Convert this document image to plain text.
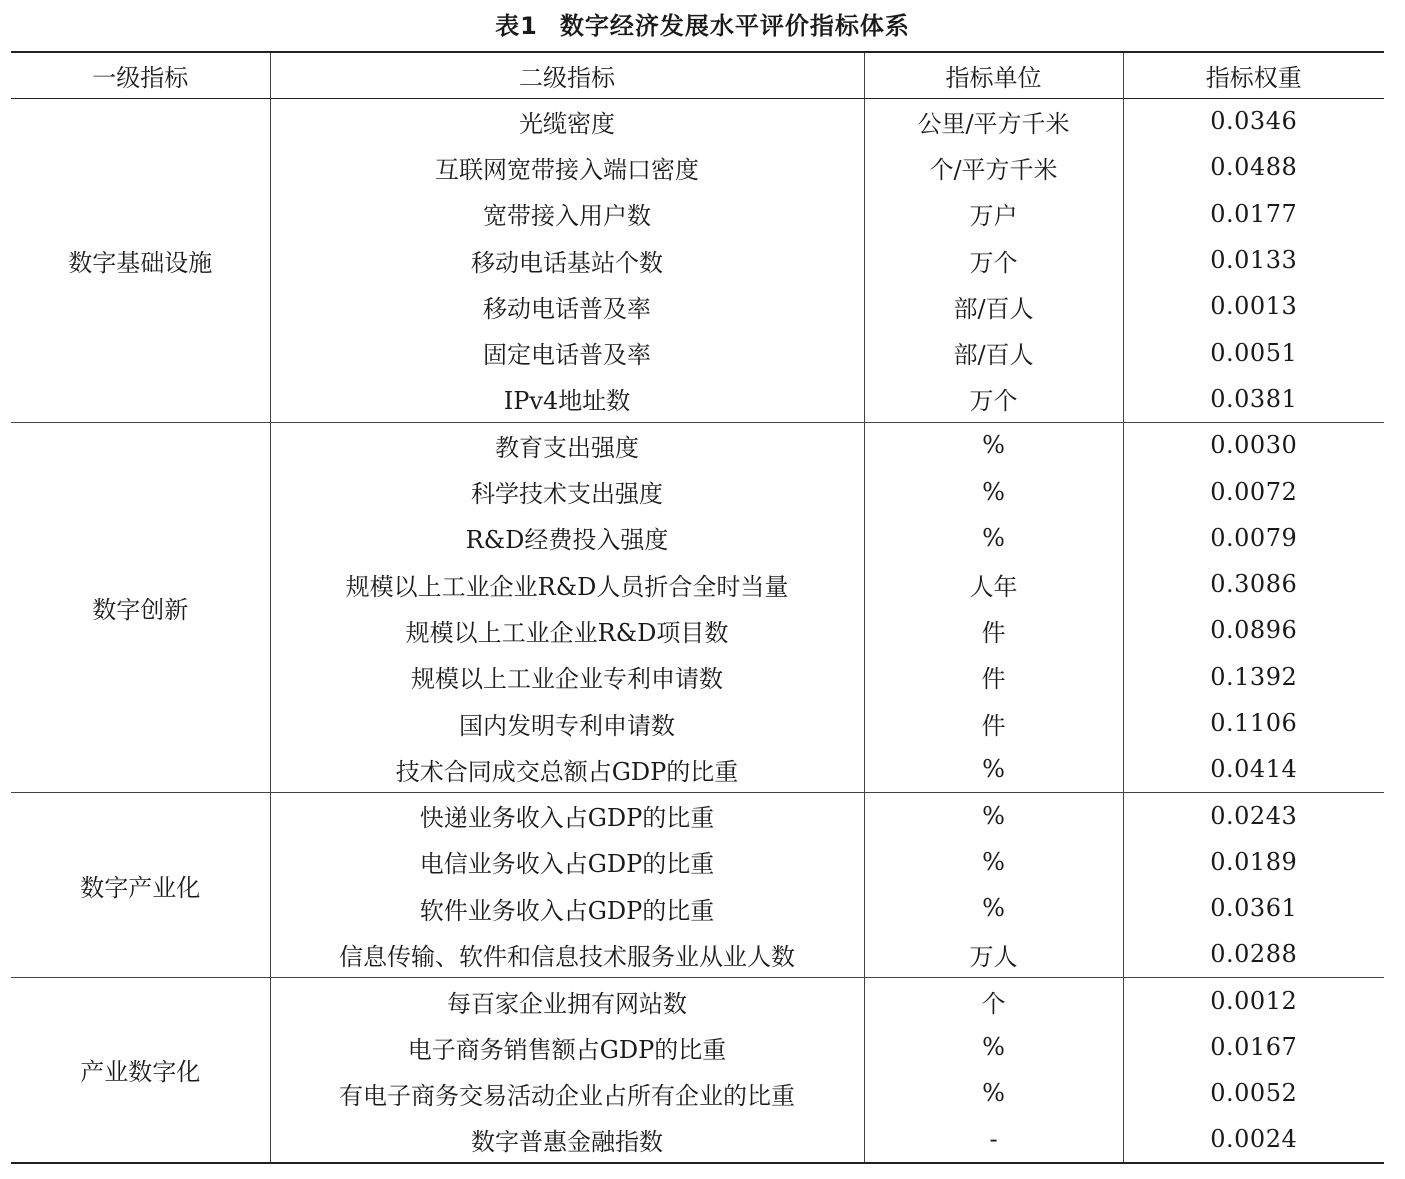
表1 数字经济发展水平评价指标体系
一级指标	二级指标	指标单位	指标权重
数字基础设施	光缆密度	公里/平方千米	0.0346
	互联网宽带接入端口密度	个/平方千米	0.0488
	宽带接入用户数	万户	0.0177
	移动电话基站个数	万个	0.0133
	移动电话普及率	部/百人	0.0013
	固定电话普及率	部/百人	0.0051
	IPv4地址数	万个	0.0381
数字创新	教育支出强度	%	0.0030
	科学技术支出强度	%	0.0072
	R&D经费投入强度	%	0.0079
	规模以上工业企业R&D人员折合全时当量	人年	0.3086
	规模以上工业企业R&D项目数	件	0.0896
	规模以上工业企业专利申请数	件	0.1392
	国内发明专利申请数	件	0.1106
	技术合同成交总额占GDP的比重	%	0.0414
数字产业化	快递业务收入占GDP的比重	%	0.0243
	电信业务收入占GDP的比重	%	0.0189
	软件业务收入占GDP的比重	%	0.0361
	信息传输、软件和信息技术服务业从业人数	万人	0.0288
产业数字化	每百家企业拥有网站数	个	0.0012
	电子商务销售额占GDP的比重	%	0.0167
	有电子商务交易活动企业占所有企业的比重	%	0.0052
	数字普惠金融指数	-	0.0024
